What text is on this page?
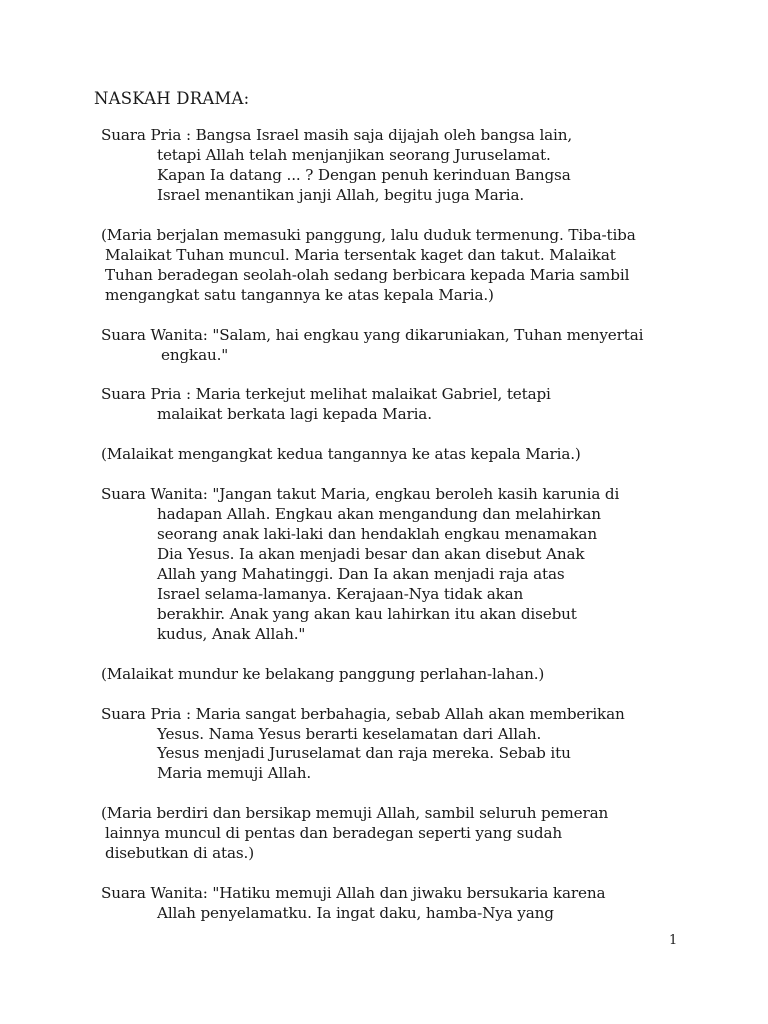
NASKAH DRAMA:
Suara Pria : Bangsa Israel masih saja dijajah oleh bangsa lain,
tetapi Allah telah menjanjikan seorang Juruselamat.
Kapan Ia datang ... ? Dengan penuh kerinduan Bangsa
Israel menantikan janji Allah, begitu juga Maria.
(Maria berjalan memasuki panggung, lalu duduk termenung. Tiba-tiba
Malaikat Tuhan muncul. Maria tersentak kaget dan takut. Malaikat
Tuhan beradegan seolah-olah sedang berbicara kepada Maria sambil
mengangkat satu tangannya ke atas kepala Maria.)
Suara Wanita: "Salam, hai engkau yang dikaruniakan, Tuhan menyertai
engkau."
Suara Pria : Maria terkejut melihat malaikat Gabriel, tetapi
malaikat berkata lagi kepada Maria.
(Malaikat mengangkat kedua tangannya ke atas kepala Maria.)
Suara Wanita: "Jangan takut Maria, engkau beroleh kasih karunia di
hadapan Allah. Engkau akan mengandung dan melahirkan
seorang anak laki-laki dan hendaklah engkau menamakan
Dia Yesus. Ia akan menjadi besar dan akan disebut Anak
Allah yang Mahatinggi. Dan Ia akan menjadi raja atas
Israel selama-lamanya. Kerajaan-Nya tidak akan
berakhir. Anak yang akan kau lahirkan itu akan disebut
kudus, Anak Allah."
(Malaikat mundur ke belakang panggung perlahan-lahan.)
Suara Pria : Maria sangat berbahagia, sebab Allah akan memberikan
Yesus. Nama Yesus berarti keselamatan dari Allah.
Yesus menjadi Juruselamat dan raja mereka. Sebab itu
Maria memuji Allah.
(Maria berdiri dan bersikap memuji Allah, sambil seluruh pemeran
lainnya muncul di pentas dan beradegan seperti yang sudah
disebutkan di atas.)
Suara Wanita: "Hatiku memuji Allah dan jiwaku bersukaria karena
Allah penyelamatku. Ia ingat daku, hamba-Nya yang
1
